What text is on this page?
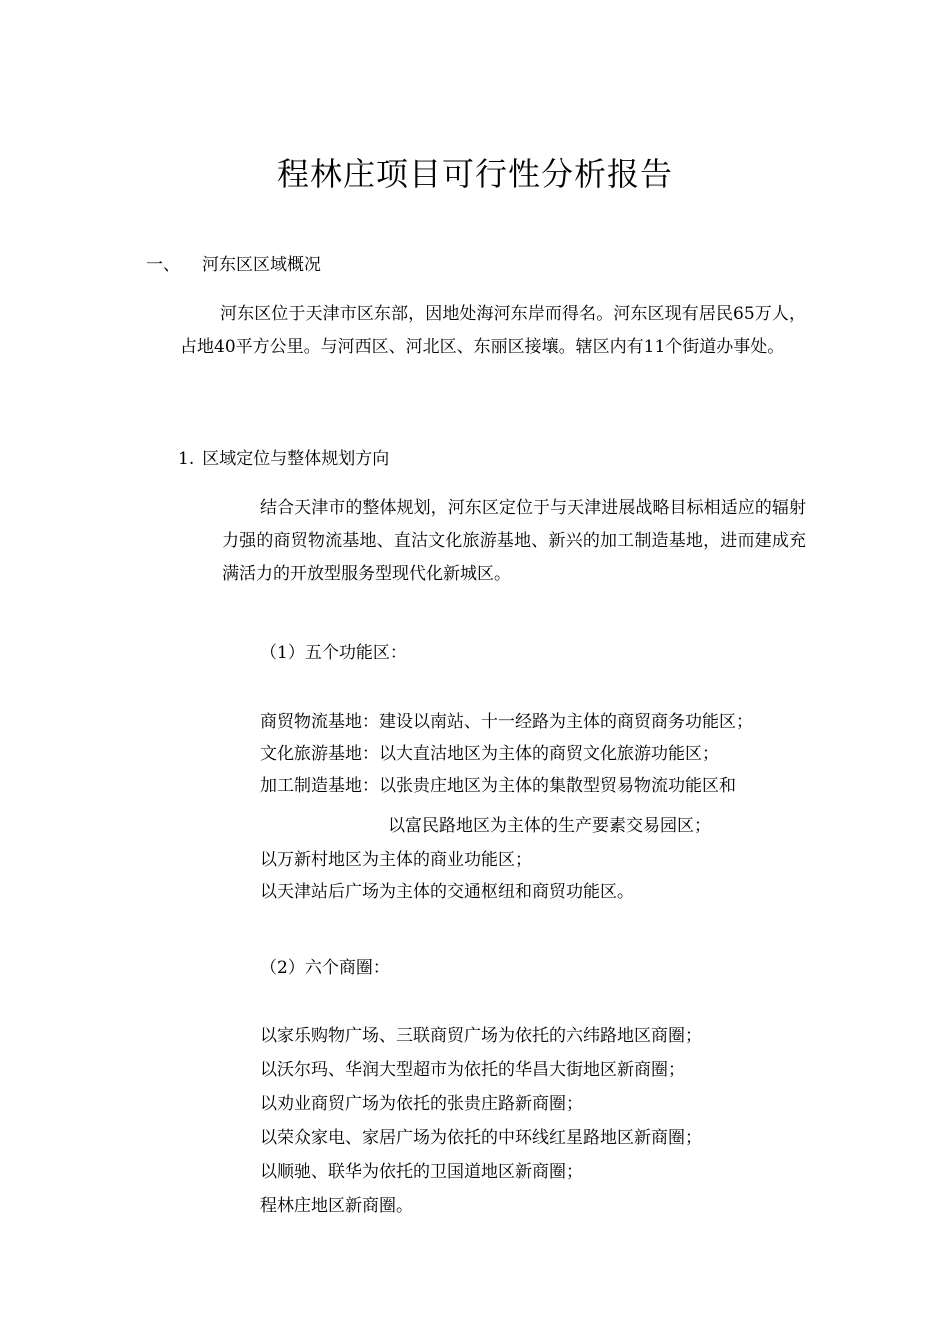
程林庄项目可行性分析报告
一、 河东区区域概况

河东区位于天津市区东部，因地处海河东岸而得名。河东区现有居民65万人，占地40平方公里。与河西区、河北区、东丽区接壤。辖区内有11个街道办事处。

1. 区域定位与整体规划方向

结合天津市的整体规划，河东区定位于与天津进展战略目标相适应的辐射力强的商贸物流基地、直沽文化旅游基地、新兴的加工制造基地，进而建成充满活力的开放型服务型现代化新城区。

（1）五个功能区：
商贸物流基地：建设以南站、十一经路为主体的商贸商务功能区；
文化旅游基地：以大直沽地区为主体的商贸文化旅游功能区；
加工制造基地：以张贵庄地区为主体的集散型贸易物流功能区和
以富民路地区为主体的生产要素交易园区；
以万新村地区为主体的商业功能区；
以天津站后广场为主体的交通枢纽和商贸功能区。
（2）六个商圈：
以家乐购物广场、三联商贸广场为依托的六纬路地区商圈；
以沃尔玛、华润大型超市为依托的华昌大街地区新商圈；
以劝业商贸广场为依托的张贵庄路新商圈；
以荣众家电、家居广场为依托的中环线红星路地区新商圈；
以顺驰、联华为依托的卫国道地区新商圈；
程林庄地区新商圈。
